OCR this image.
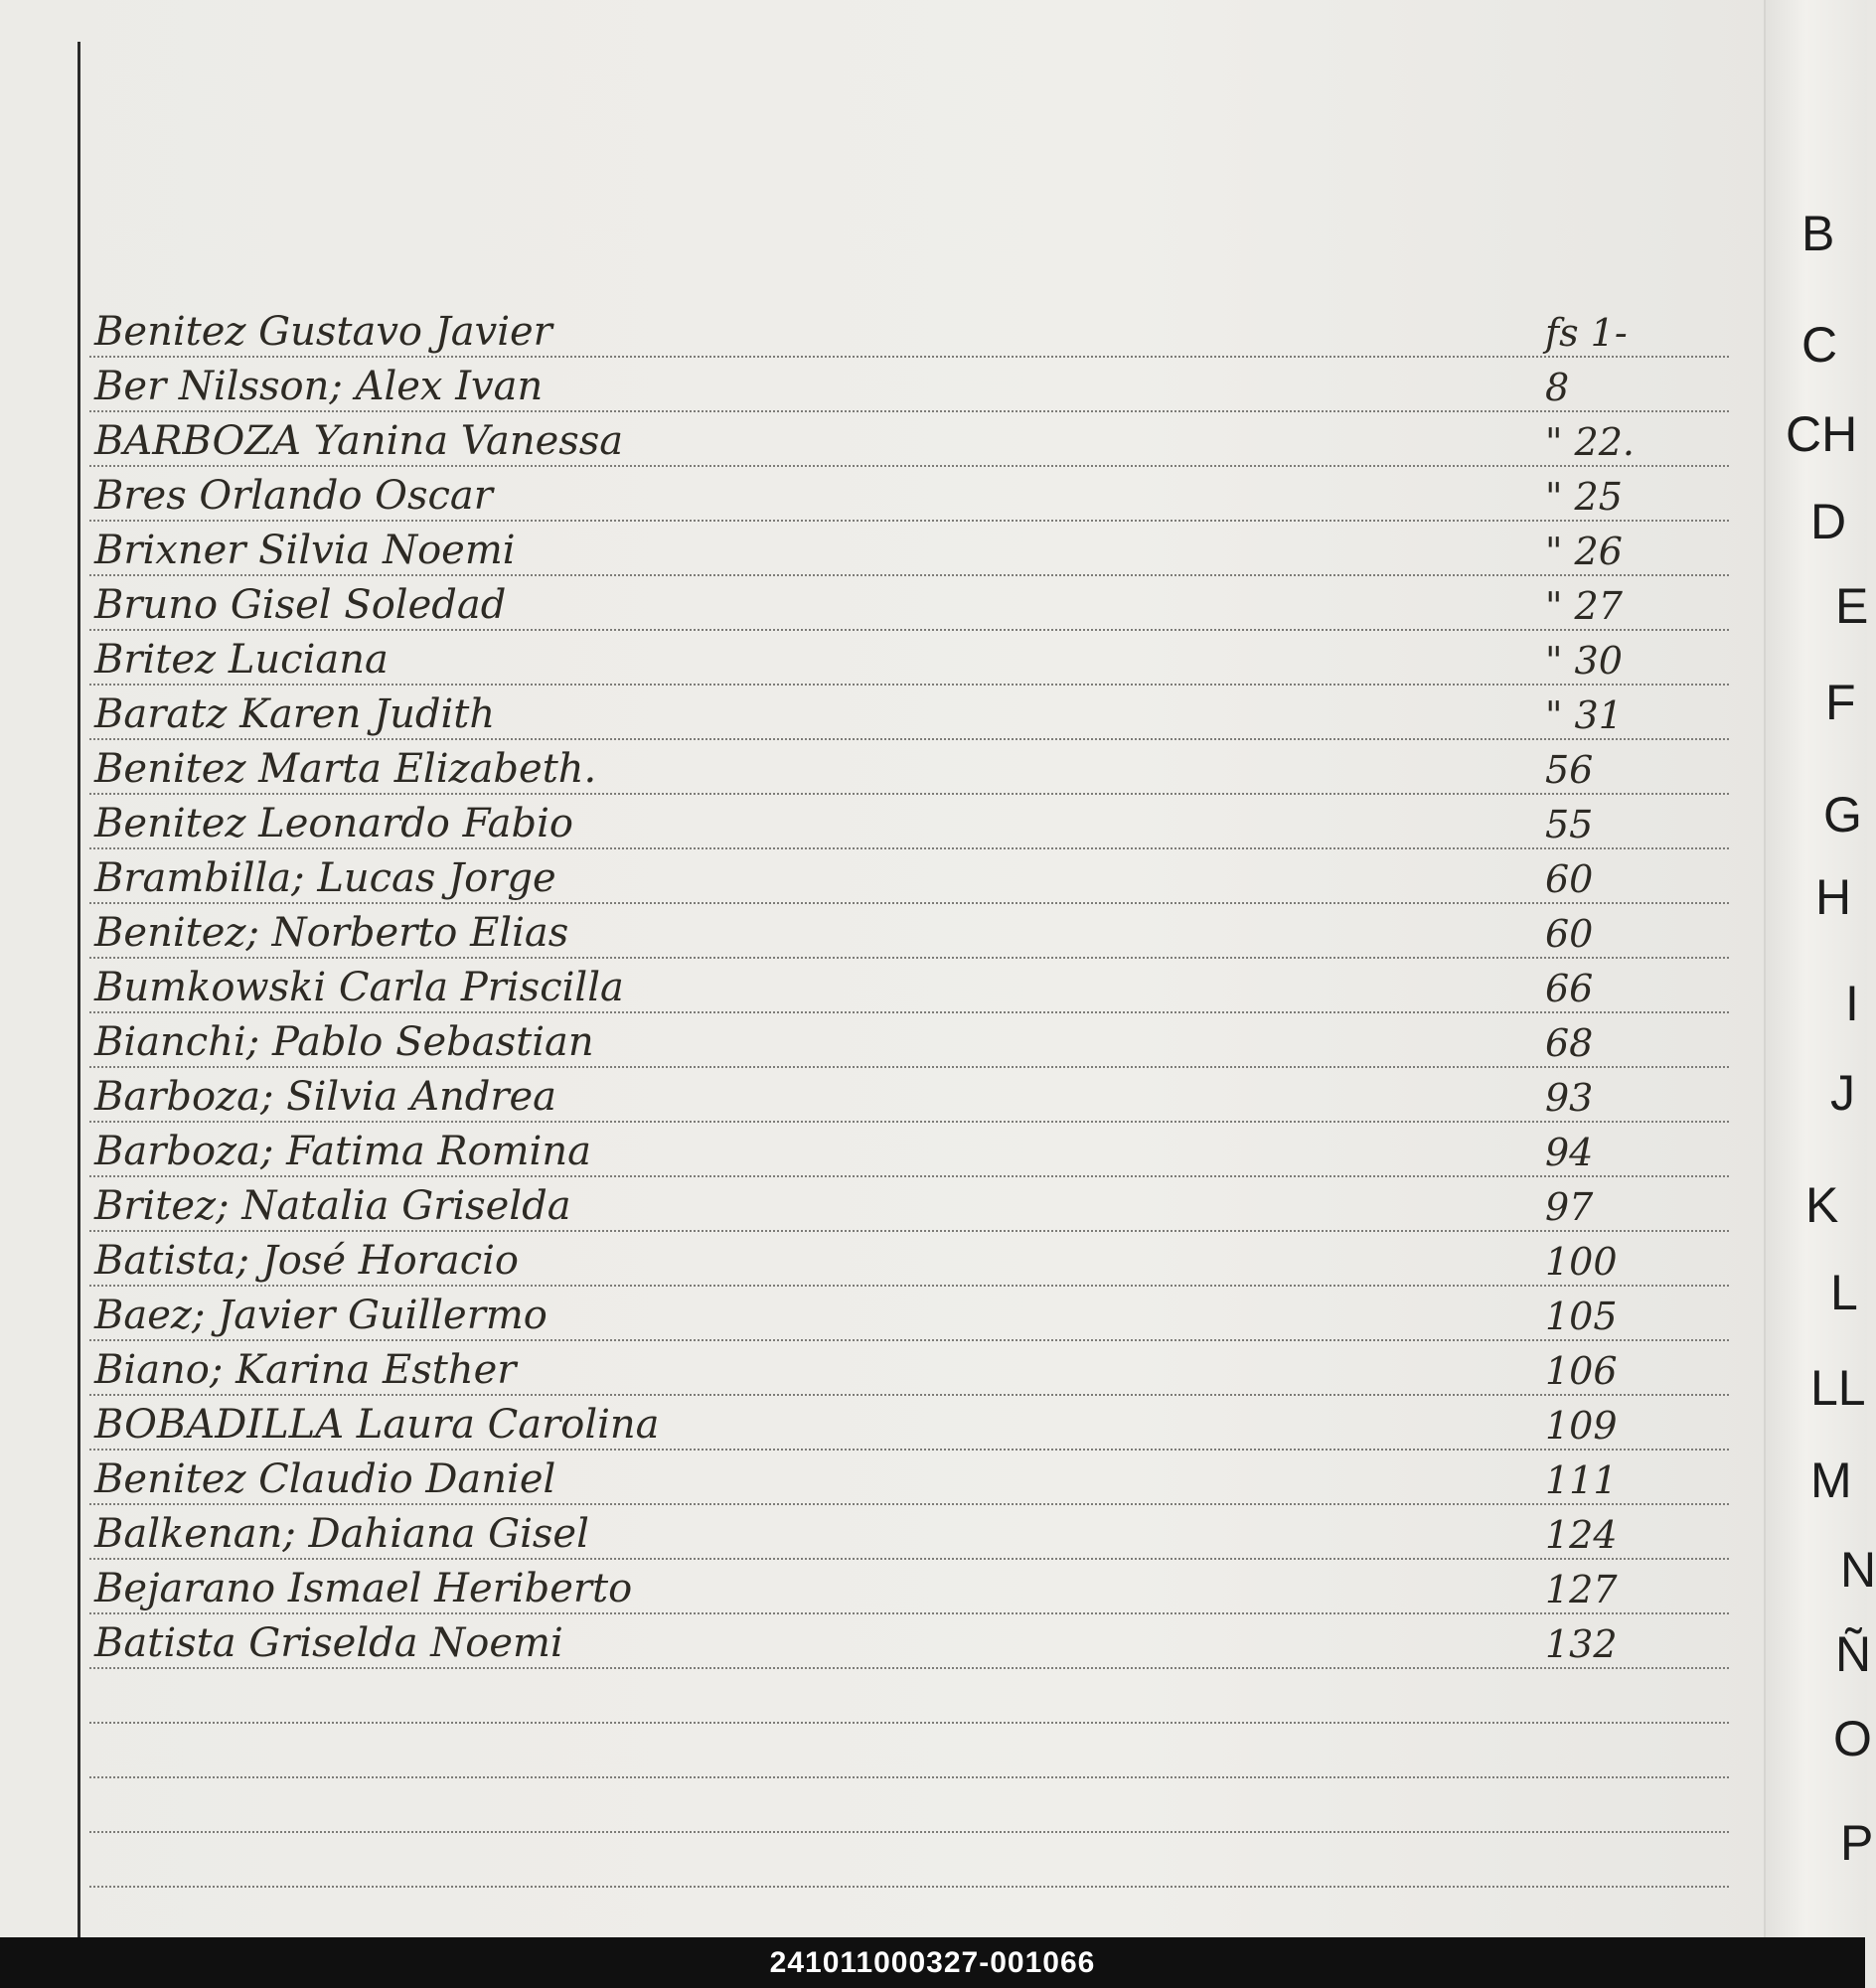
Benitez Gustavo Javier	fs 1-
Ber Nilsson; Alex Ivan	8
BARBOZA Yanina Vanessa	" 22.
Bres Orlando Oscar	" 25
Brixner Silvia Noemi	" 26
Bruno Gisel Soledad	" 27
Britez Luciana	" 30
Baratz Karen Judith	" 31
Benitez Marta Elizabeth.	56
Benitez Leonardo Fabio	55
Brambilla; Lucas Jorge	60
Benitez; Norberto Elias	60
Bumkowski Carla Priscilla	66
Bianchi; Pablo Sebastian	68
Barboza; Silvia Andrea	93
Barboza; Fatima Romina	94
Britez; Natalia Griselda	97
Batista; José Horacio	100
Baez; Javier Guillermo	105
Biano; Karina Esther	106
BOBADILLA Laura Carolina	109
Benitez Claudio Daniel	111
Balkenan; Dahiana Gisel	124
Bejarano Ismael Heriberto	127
Batista Griselda Noemi	132
B
C
CH
D
E
F
G
H
I
J
K
L
LL
M
N
Ñ
O
P
241011000327-001066
